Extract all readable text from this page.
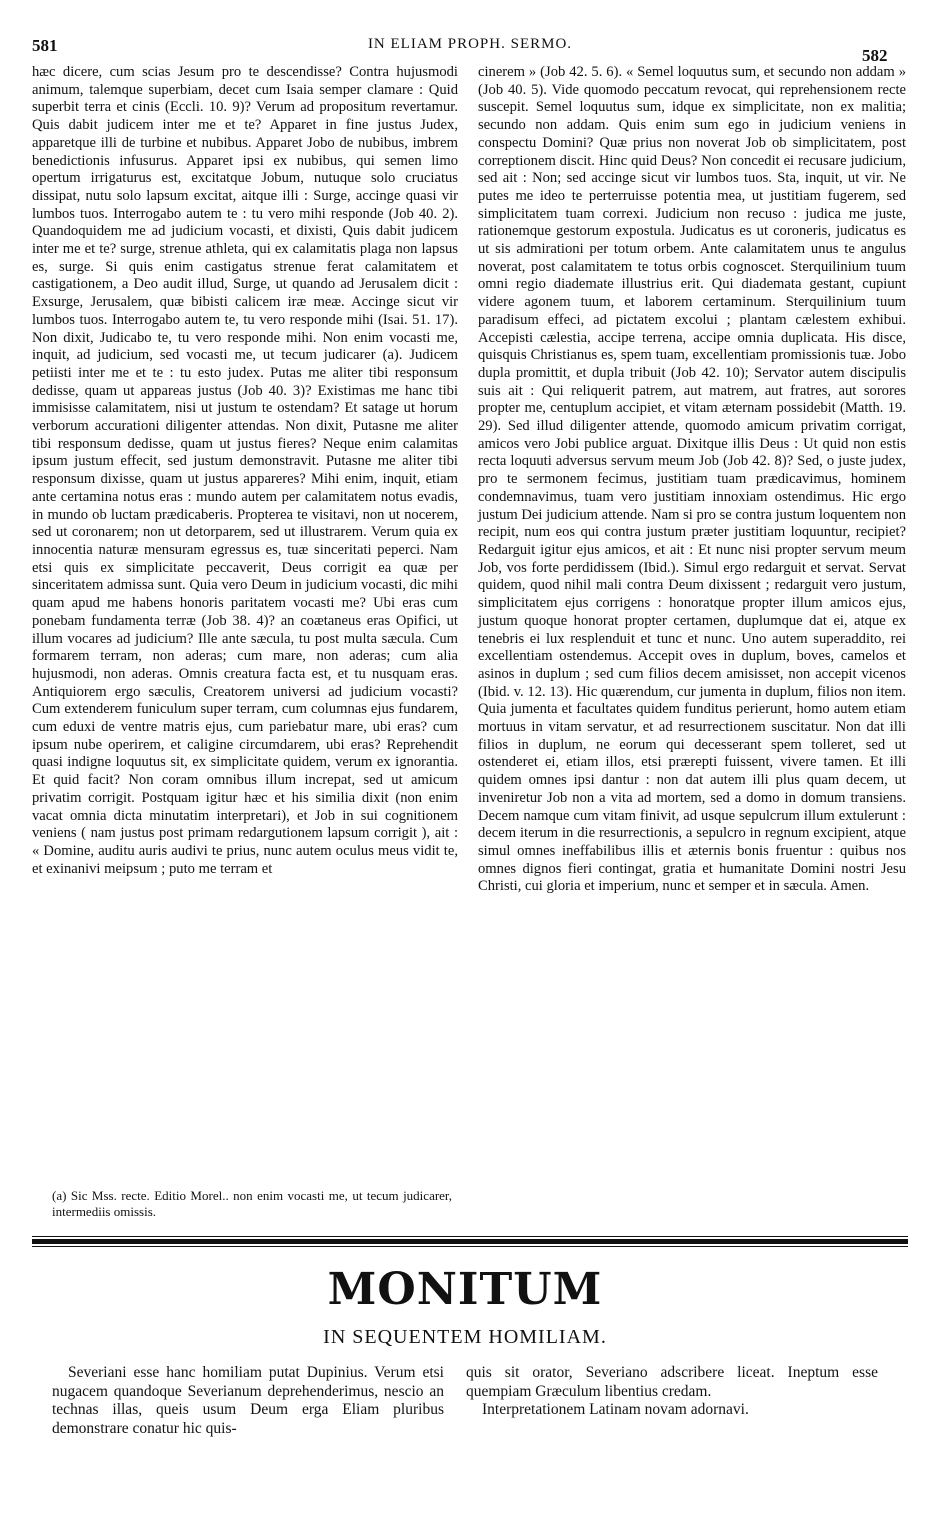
581	IN ELIAM PROPH. SERMO.
582

hæc dicere, cum scias Jesum pro te descendisse? Contra hujusmodi animum, talemque superbiam, decet cum Isaia semper clamare : Quid superbit terra et cinis (Eccli. 10. 9)? Verum ad propositum revertamur. Quis dabit judicem inter me et te? Apparet in fine justus Judex, apparetque illi de turbine et nubibus. Apparet Jobo de nubibus, imbrem benedictionis infusurus. Apparet ipsi ex nubibus, qui semen limo opertum irrigaturus est, excitatque Jobum, nutuque solo cruciatus dissipat, nutu solo lapsum excitat, aitque illi : Surge, accinge quasi vir lumbos tuos. Interrogabo autem te : tu vero mihi responde (Job 40. 2). Quandoquidem me ad judicium vocasti, et dixisti, Quis dabit judicem inter me et te? surge, strenue athleta, qui ex calamitatis plaga non lapsus es, surge. Si quis enim castigatus strenue ferat calamitatem et castigationem, a Deo audit illud, Surge, ut quando ad Jerusalem dicit : Exsurge, Jerusalem, quæ bibisti calicem iræ meæ. Accinge sicut vir lumbos tuos. Interrogabo autem te, tu vero responde mihi (Isai. 51. 17). Non dixit, Judicabo te, tu vero responde mihi. Non enim vocasti me, inquit, ad judicium, sed vocasti me, ut tecum judicarer (a). Judicem petiisti inter me et te : tu esto judex. Putas me aliter tibi responsum dedisse, quam ut appareas justus (Job 40. 3)? Existimas me hanc tibi immisisse calamitatem, nisi ut justum te ostendam? Et satage ut horum verborum accurationi diligenter attendas. Non dixit, Putasne me aliter tibi responsum dedisse, quam ut justus fieres? Neque enim calamitas ipsum justum effecit, sed justum demonstravit. Putasne me aliter tibi responsum dixisse, quam ut justus appareres? Mihi enim, inquit, etiam ante certamina notus eras : mundo autem per calamitatem notus evadis, in mundo ob luctam prædicaberis. Propterea te visitavi, non ut nocerem, sed ut coronarem; non ut detorparem, sed ut illustrarem. Verum quia ex innocentia naturæ mensuram egressus es, tuæ sinceritati peperci. Nam etsi quis ex simplicitate peccaverit, Deus corrigit ea quæ per sinceritatem admissa sunt. Quia vero Deum in judicium vocasti, dic mihi quam apud me habens honoris paritatem vocasti me? Ubi eras cum ponebam fundamenta terræ (Job 38. 4)? an coætaneus eras Opifici, ut illum vocares ad judicium? Ille ante sæcula, tu post multa sæcula. Cum formarem terram, non aderas; cum mare, non aderas; cum alia hujusmodi, non aderas. Omnis creatura facta est, et tu nusquam eras. Antiquiorem ergo sæculis, Creatorem universi ad judicium vocasti? Cum extenderem funiculum super terram, cum columnas ejus fundarem, cum eduxi de ventre matris ejus, cum pariebatur mare, ubi eras? cum ipsum nube operirem, et caligine circumdarem, ubi eras? Reprehendit quasi indigne loquutus sit, ex simplicitate quidem, verum ex ignorantia. Et quid facit? Non coram omnibus illum increpat, sed ut amicum privatim corrigit. Postquam igitur hæc et his similia dixit (non enim vacat omnia dicta minutatim interpretari), et Job in sui cognitionem veniens ( nam justus post primam redargutionem lapsum corrigit ), ait : « Domine, auditu auris audivi te prius, nunc autem oculus meus vidit te, et exinanivi meipsum ; puto me terram et

cinerem » (Job 42. 5. 6). « Semel loquutus sum, et secundo non addam » (Job 40. 5). Vide quomodo peccatum revocat, qui reprehensionem recte suscepit. Semel loquutus sum, idque ex simplicitate, non ex malitia; secundo non addam. Quis enim sum ego in judicium veniens in conspectu Domini? Quæ prius non noverat Job ob simplicitatem, post correptionem discit. Hinc quid Deus? Non concedit ei recusare judicium, sed ait : Non; sed accinge sicut vir lumbos tuos. Sta, inquit, ut vir. Ne putes me ideo te perterruisse potentia mea, ut justitiam fugerem, sed simplicitatem tuam correxi. Judicium non recuso : judica me juste, rationemque gestorum expostula. Judicatus es ut coroneris, judicatus es ut sis admirationi per totum orbem. Ante calamitatem unus te angulus noverat, post calamitatem te totus orbis cognoscet. Sterquilinium tuum omni regio diademate illustrius erit. Qui diademata gestant, cupiunt videre agonem tuum, et laborem certaminum. Sterquilinium tuum paradisum effeci, ad pictatem excolui ; plantam cælestem exhibui. Accepisti cælestia, accipe terrena, accipe omnia duplicata. His disce, quisquis Christianus es, spem tuam, excellentiam promissionis tuæ. Jobo dupla promittit, et dupla tribuit (Job 42. 10); Servator autem discipulis suis ait : Qui reliquerit patrem, aut matrem, aut fratres, aut sorores propter me, centuplum accipiet, et vitam æternam possidebit (Matth. 19. 29). Sed illud diligenter attende, quomodo amicum privatim corrigat, amicos vero Jobi publice arguat. Dixitque illis Deus : Ut quid non estis recta loquuti adversus servum meum Job (Job 42. 8)? Sed, o juste judex, pro te sermonem fecimus, justitiam tuam prædicavimus, hominem condemnavimus, tuam vero justitiam innoxiam ostendimus. Hic ergo justum Dei judicium attende. Nam si pro se contra justum loquentem non recipit, num eos qui contra justum præter justitiam loquuntur, recipiet? Redarguit igitur ejus amicos, et ait : Et nunc nisi propter servum meum Job, vos forte perdidissem (Ibid.). Simul ergo redarguit et servat. Servat quidem, quod nihil mali contra Deum dixissent ; redarguit vero justum, simplicitatem ejus corrigens : honoratque propter illum amicos ejus, justum quoque honorat propter certamen, duplumque dat ei, atque ex tenebris ei lux resplenduit et tunc et nunc. Uno autem superaddito, rei excellentiam ostendemus. Accepit oves in duplum, boves, camelos et asinos in duplum ; sed cum filios decem amisisset, non accepit vicenos (Ibid. v. 12. 13). Hic quærendum, cur jumenta in duplum, filios non item. Quia jumenta et facultates quidem funditus perierunt, homo autem etiam mortuus in vitam servatur, et ad resurrectionem suscitatur. Non dat illi filios in duplum, ne eorum qui decesserant spem tolleret, sed ut ostenderet ei, etiam illos, etsi prærepti fuissent, vivere tamen. Et illi quidem omnes ipsi dantur : non dat autem illi plus quam decem, ut inveniretur Job non a vita ad mortem, sed a domo in domum transiens. Decem namque cum vitam finivit, ad usque sepulcrum illum extulerunt : decem iterum in die resurrectionis, a sepulcro in regnum excipient, atque simul omnes ineffabilibus illis et æternis bonis fruentur : quibus nos omnes dignos fieri contingat, gratia et humanitate Domini nostri Jesu Christi, cui gloria et imperium, nunc et semper et in sæcula. Amen.

(a) Sic Mss. recte. Editio Morel.. non enim vocasti me, ut tecum judicarer, intermediis omissis.
MONITUM
IN SEQUENTEM HOMILIAM.

Severiani esse hanc homiliam putat Dupinius. Verum etsi nugacem quandoque Severianum deprehenderimus, nescio an technas illas, queis usum Deum erga Eliam pluribus demonstrare conatur hic quis-

quis sit orator, Severiano adscribere liceat. Ineptum esse quempiam Græculum libentius credam.

Interpretationem Latinam novam adornavi.
